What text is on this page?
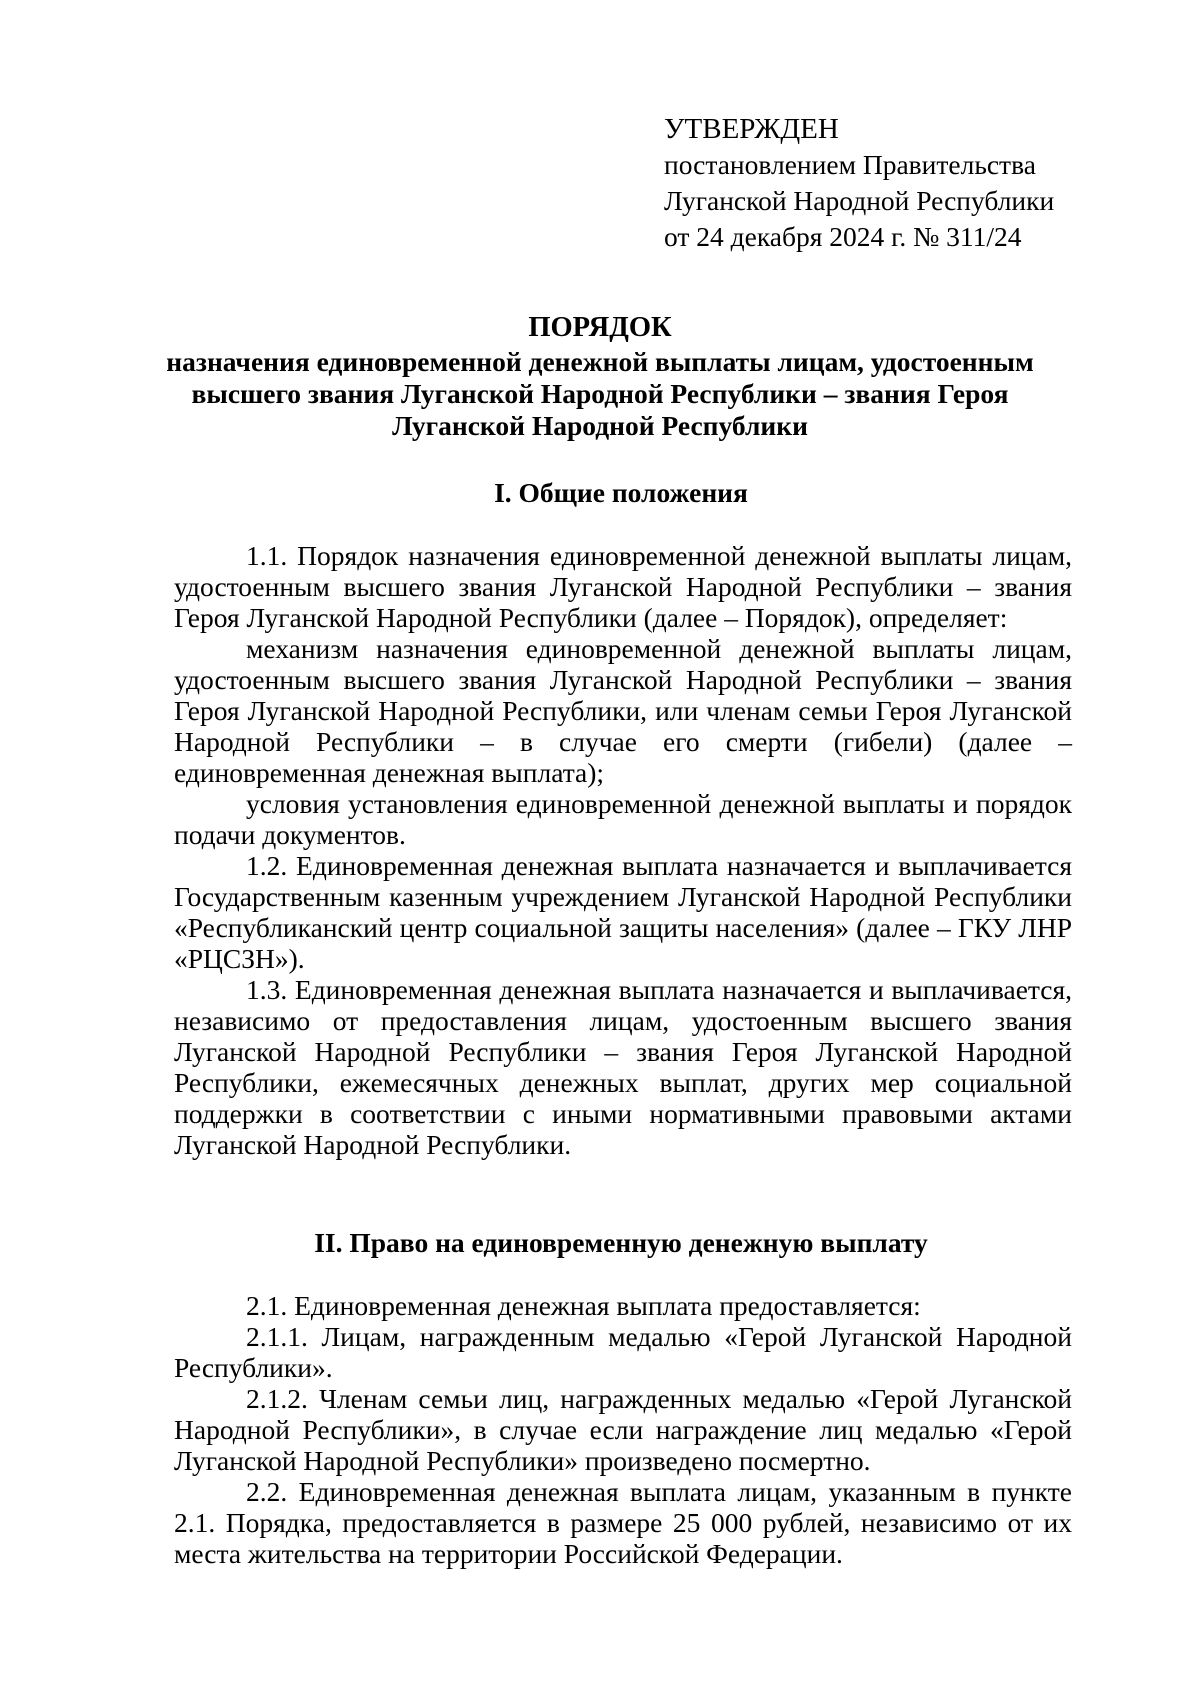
УТВЕРЖДЕН
постановлением Правительства
Луганской Народной Республики
от 24 декабря 2024 г. № 311/24
ПОРЯДОК
назначения единовременной денежной выплаты лицам, удостоенным
высшего звания Луганской Народной Республики – звания Героя
Луганской Народной Республики
I. Общие положения

1.1. Порядок назначения единовременной денежной выплаты лицам, удостоенным высшего звания Луганской Народной Республики – звания Героя Луганской Народной Республики (далее – Порядок), определяет:

механизм назначения единовременной денежной выплаты лицам, удостоенным высшего звания Луганской Народной Республики – звания Героя Луганской Народной Республики, или членам семьи Героя Луганской Народной Республики – в случае его смерти (гибели) (далее – единовременная денежная выплата);

условия установления единовременной денежной выплаты и порядок подачи документов.

1.2. Единовременная денежная выплата назначается и выплачивается Государственным казенным учреждением Луганской Народной Республики «Республиканский центр социальной защиты населения» (далее – ГКУ ЛНР «РЦСЗН»).

1.3. Единовременная денежная выплата назначается и выплачивается, независимо от предоставления лицам, удостоенным высшего звания Луганской Народной Республики – звания Героя Луганской Народной Республики, ежемесячных денежных выплат, других мер социальной поддержки в соответствии с иными нормативными правовыми актами Луганской Народной Республики.

II. Право на единовременную денежную выплату

2.1. Единовременная денежная выплата предоставляется:

2.1.1. Лицам, награжденным медалью «Герой Луганской Народной Республики».

2.1.2. Членам семьи лиц, награжденных медалью «Герой Луганской Народной Республики», в случае если награждение лиц медалью «Герой Луганской Народной Республики» произведено посмертно.

2.2. Единовременная денежная выплата лицам, указанным в пункте 2.1. Порядка, предоставляется в размере 25 000 рублей, независимо от их места жительства на территории Российской Федерации.
